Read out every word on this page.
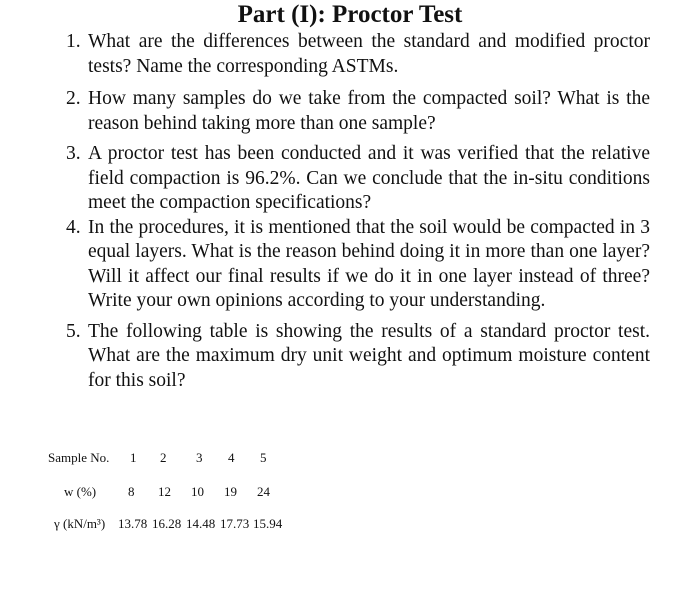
Part (I): Proctor Test
1. What are the differences between the standard and modified proctor tests? Name the corresponding ASTMs.
2. How many samples do we take from the compacted soil? What is the reason behind taking more than one sample?
3. A proctor test has been conducted and it was verified that the relative field compaction is 96.2%. Can we conclude that the in-situ conditions meet the compaction specifications?
4. In the procedures, it is mentioned that the soil would be compacted in 3 equal layers. What is the reason behind doing it in more than one layer? Will it affect our final results if we do it in one layer instead of three? Write your own opinions according to your understanding.
5. The following table is showing the results of a standard proctor test. What are the maximum dry unit weight and optimum moisture content for this soil?
Sample No. 1 2 3 4 5
w (%) 8 12 10 19 24
γ (kN/m³) 13.78 16.28 14.48 17.73 15.94
